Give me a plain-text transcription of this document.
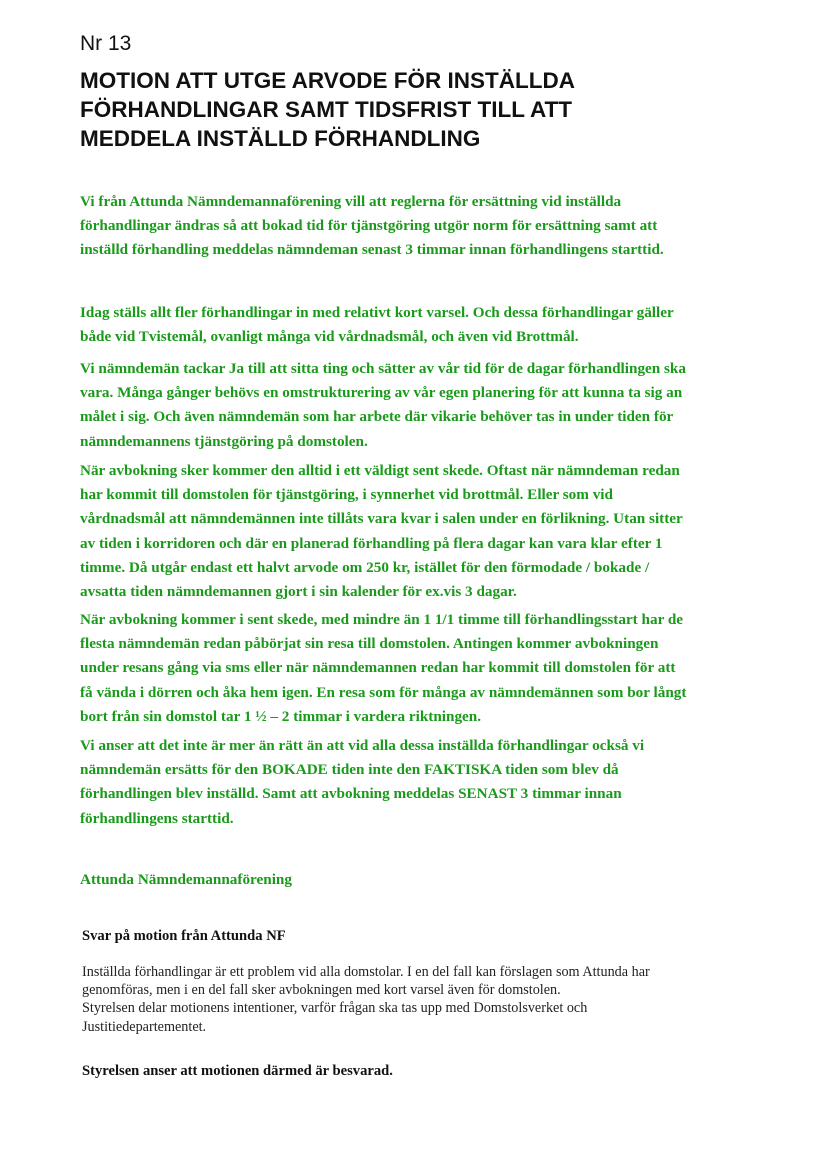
Nr 13
MOTION ATT UTGE ARVODE FÖR INSTÄLLDA
FÖRHANDLINGAR SAMT TIDSFRIST TILL ATT
MEDDELA INSTÄLLD FÖRHANDLING
Vi från Attunda Nämndemannaförening vill att reglerna för ersättning vid inställda
förhandlingar ändras så att bokad tid för tjänstgöring utgör norm för ersättning samt att
inställd förhandling meddelas nämndeman senast 3 timmar innan förhandlingens starttid.
Idag ställs allt fler förhandlingar in med relativt kort varsel. Och dessa förhandlingar gäller
både vid Tvistemål, ovanligt många vid vårdnadsmål, och även vid Brottmål.
Vi nämndemän tackar Ja till att sitta ting och sätter av vår tid för de dagar förhandlingen ska
vara. Många gånger behövs en omstrukturering av vår egen planering för att kunna ta sig an
målet i sig. Och även nämndemän som har arbete där vikarie behöver tas in under tiden för
nämndemannens tjänstgöring på domstolen.
När avbokning sker kommer den alltid i ett väldigt sent skede. Oftast när nämndeman redan
har kommit till domstolen för tjänstgöring, i synnerhet vid brottmål. Eller som vid
vårdnadsmål att nämndemännen inte tillåts vara kvar i salen under en förlikning. Utan sitter
av tiden i korridoren och där en planerad förhandling på flera dagar kan vara klar efter 1
timme. Då utgår endast ett halvt arvode om 250 kr, istället för den förmodade / bokade /
avsatta tiden nämndemannen gjort i sin kalender för ex.vis 3 dagar.
När avbokning kommer i sent skede, med mindre än 1 1/1 timme till förhandlingsstart har de
flesta nämndemän redan påbörjat sin resa till domstolen. Antingen kommer avbokningen
under resans gång via sms eller när nämndemannen redan har kommit till domstolen för att
få vända i dörren och åka hem igen. En resa som för många av nämndemännen som bor långt
bort från sin domstol tar 1 ½ – 2 timmar i vardera riktningen.
Vi anser att det inte är mer än rätt än att vid alla dessa inställda förhandlingar också vi
nämndemän ersätts för den BOKADE tiden inte den FAKTISKA tiden som blev då
förhandlingen blev inställd. Samt att avbokning meddelas SENAST 3 timmar innan
förhandlingens starttid.
Attunda Nämndemannaförening
Svar på motion från Attunda NF
Inställda förhandlingar är ett problem vid alla domstolar. I en del fall kan förslagen som Attunda har
genomföras, men i en del fall sker avbokningen med kort varsel även för domstolen.
Styrelsen delar motionens intentioner, varför frågan ska tas upp med Domstolsverket och
Justitiedepartementet.
Styrelsen anser att motionen därmed är besvarad.
